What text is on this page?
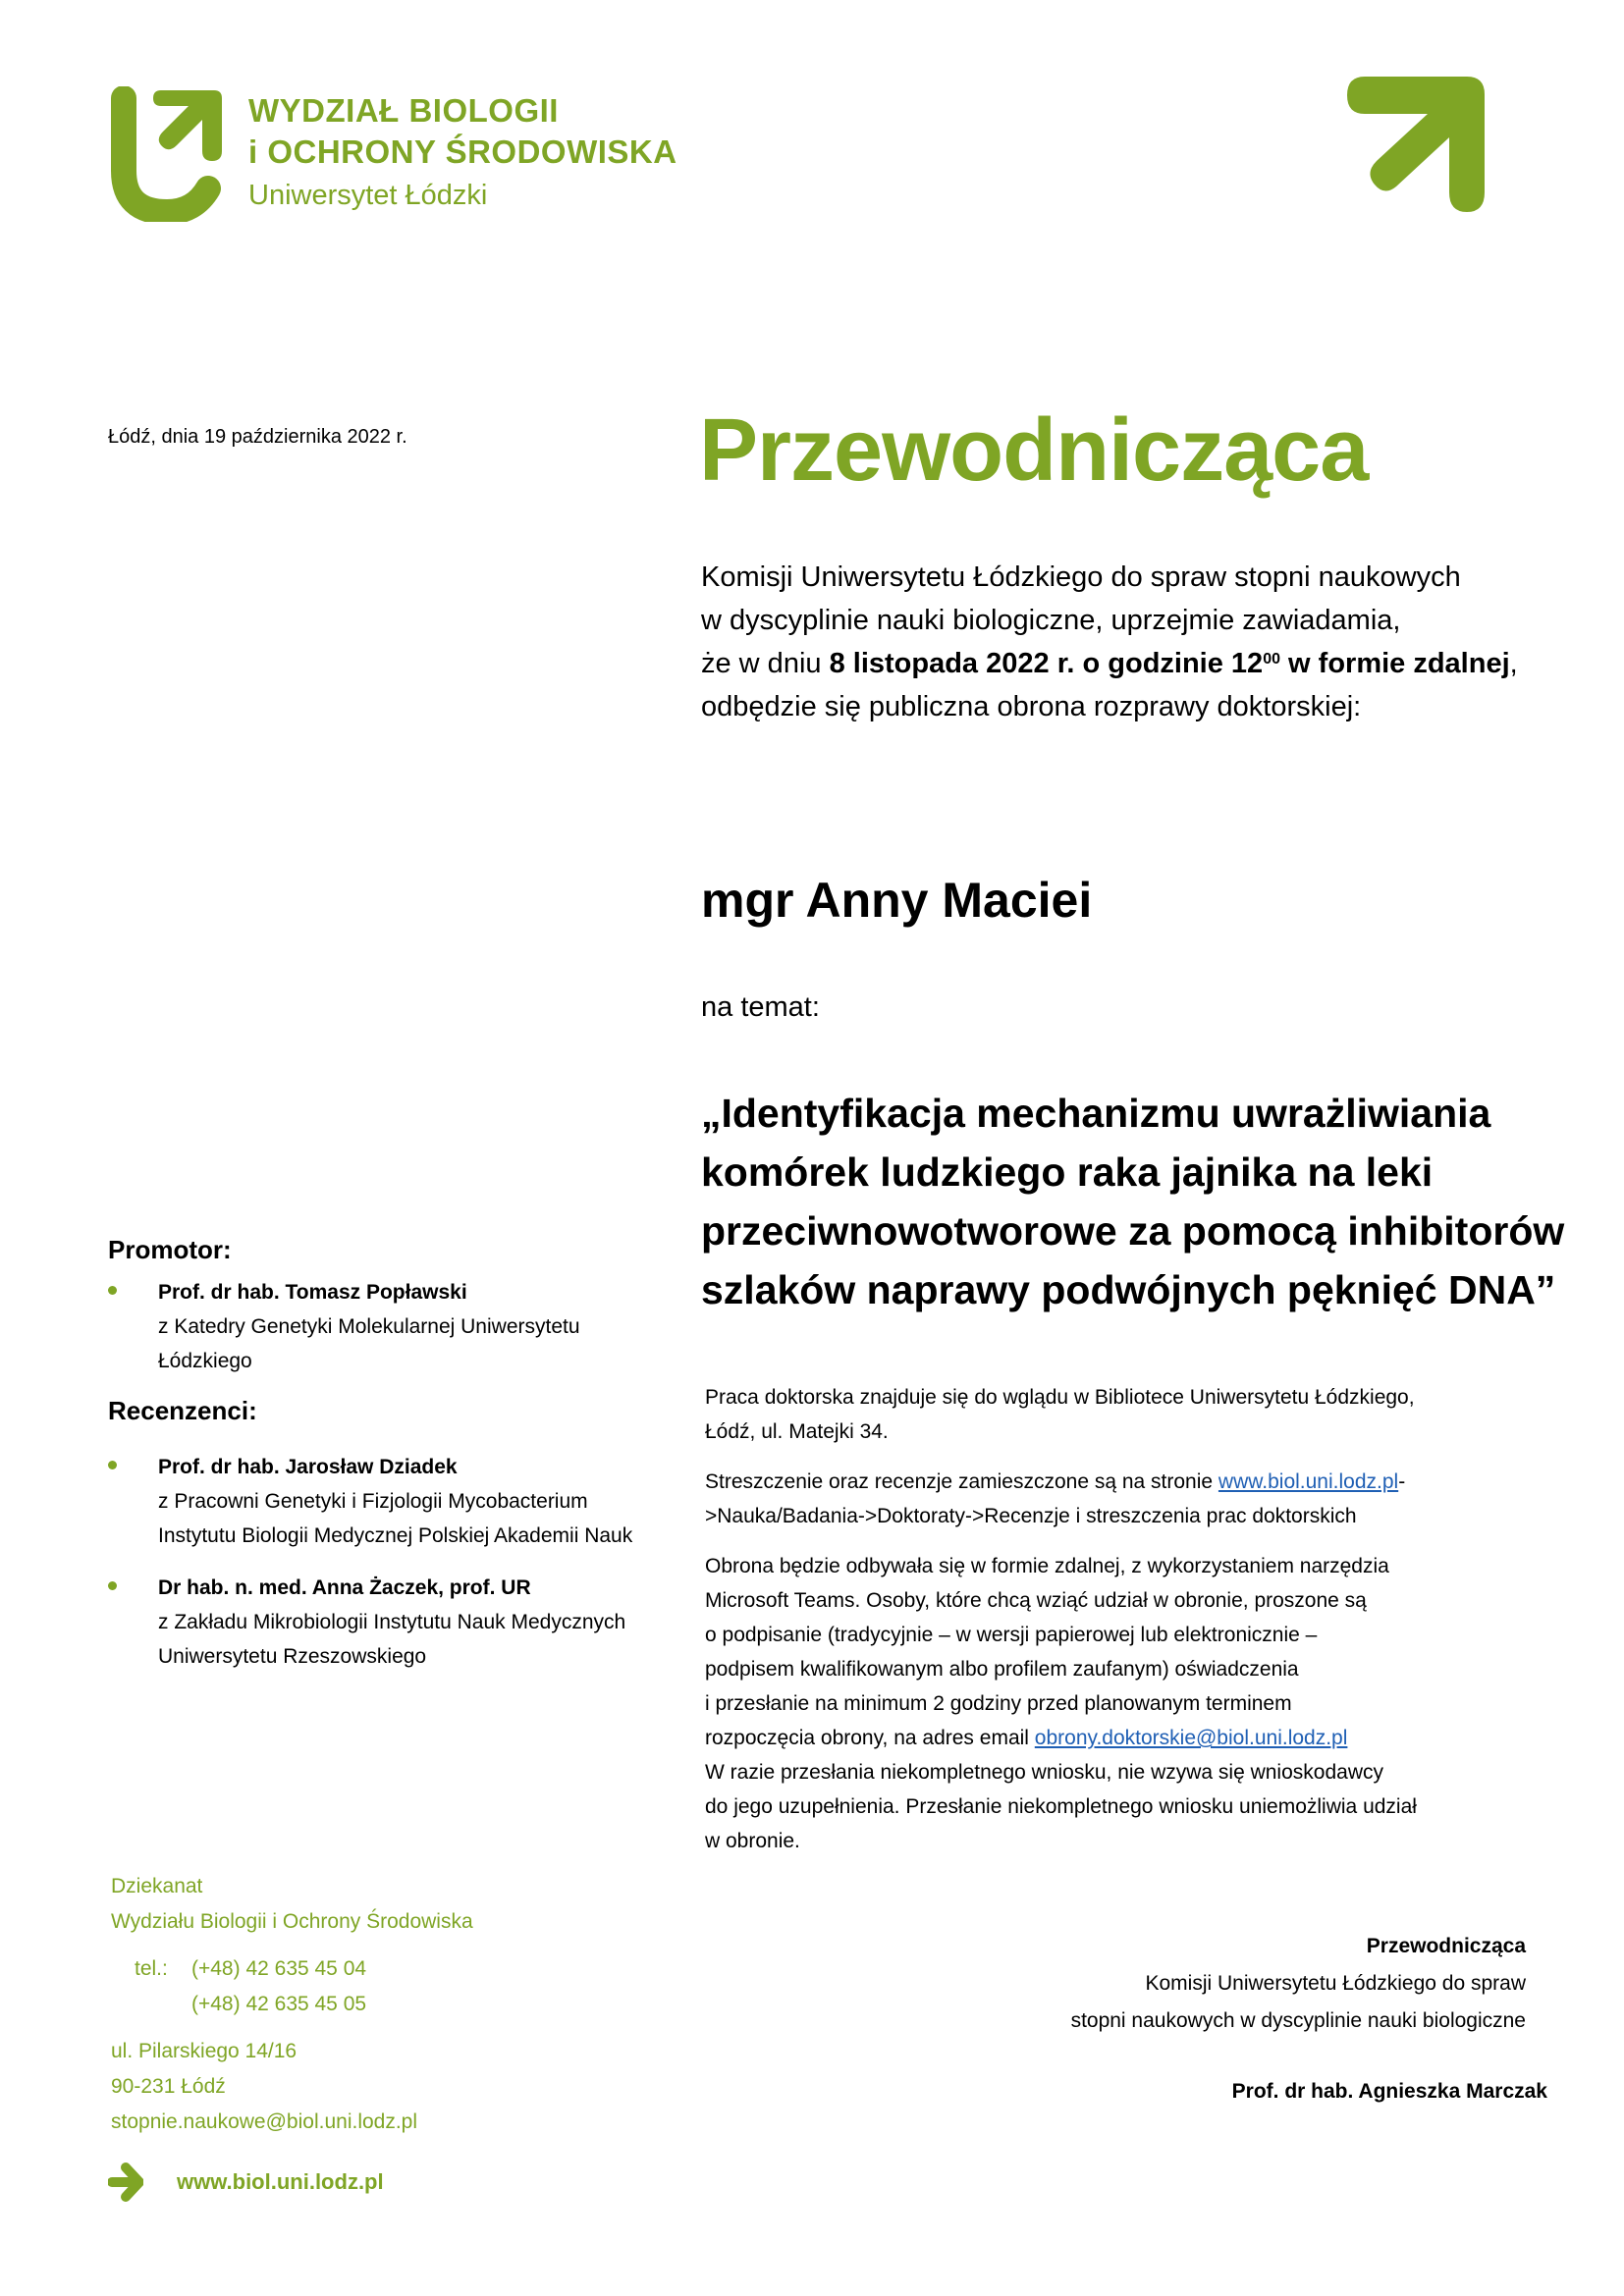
WYDZIAŁ BIOLOGII
i OCHRONY ŚRODOWISKA
Uniwersytet Łódzki
Łódź, dnia 19 października 2022 r.	Przewodnicząca
Komisji Uniwersytetu Łódzkiego do spraw stopni naukowych
w dyscyplinie nauki biologiczne, uprzejmie zawiadamia,
że w dniu 8 listopada 2022 r. o godzinie $12^{00}$ w formie zdalnej,
odbędzie się publiczna obrona rozprawy doktorskiej:
mgr Anny Maciei
na temat:
„Identyfikacja mechanizmu uwrażliwiania
komórek ludzkiego raka jajnika na leki
przeciwnowotworowe za pomocą inhibitorów
szlaków naprawy podwójnych pęknięć DNA”
Promotor:
Prof. dr hab. Tomasz Popławski
z Katedry Genetyki Molekularnej Uniwersytetu
Łódzkiego
Recenzenci:
Prof. dr hab. Jarosław Dziadek
z Pracowni Genetyki i Fizjologii Mycobacterium
Instytutu Biologii Medycznej Polskiej Akademii Nauk
Dr hab. n. med. Anna Żaczek, prof. UR
z Zakładu Mikrobiologii Instytutu Nauk Medycznych
Uniwersytetu Rzeszowskiego

Praca doktorska znajduje się do wglądu w Bibliotece Uniwersytetu Łódzkiego,
Łódź, ul. Matejki 34.

Streszczenie oraz recenzje zamieszczone są na stronie www.biol.uni.lodz.pl-
>Nauka/Badania->Doktoraty->Recenzje i streszczenia prac doktorskich

Obrona będzie odbywała się w formie zdalnej, z wykorzystaniem narzędzia
Microsoft Teams. Osoby, które chcą wziąć udział w obronie, proszone są
o podpisanie (tradycyjnie – w wersji papierowej lub elektronicznie –
podpisem kwalifikowanym albo profilem zaufanym) oświadczenia
i przesłanie na minimum 2 godziny przed planowanym terminem
rozpoczęcia obrony, na adres email obrony.doktorskie@biol.uni.lodz.pl
W razie przesłania niekompletnego wniosku, nie wzywa się wnioskodawcy
do jego uzupełnienia. Przesłanie niekompletnego wniosku uniemożliwia udział
w obronie.

Przewodnicząca
Komisji Uniwersytetu Łódzkiego do spraw
stopni naukowych w dyscyplinie nauki biologiczne
Prof. dr hab. Agnieszka Marczak
Dziekanat
Wydziału Biologii i Ochrony Środowiska
tel.:	(+48) 42 635 45 04
(+48) 42 635 45 05
ul. Pilarskiego 14/16
90-231 Łódź
stopnie.naukowe@biol.uni.lodz.pl
www.biol.uni.lodz.pl
